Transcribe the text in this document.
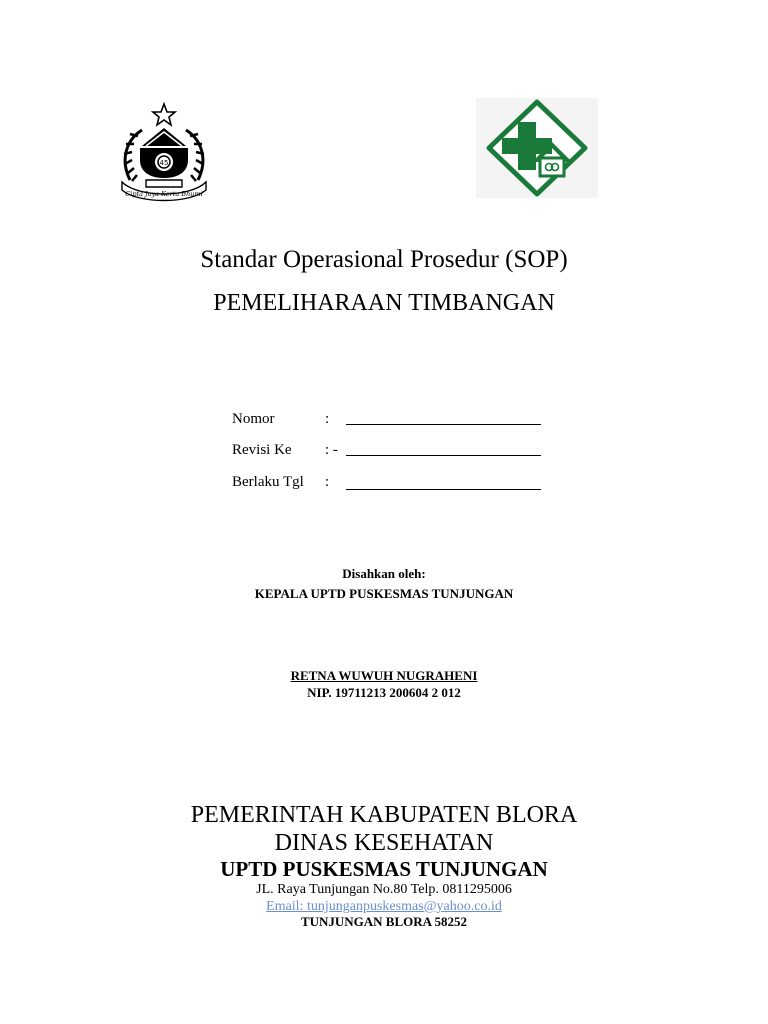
45
Cipta Jaya Kerta Bhumi
Standar Operasional Prosedur (SOP)
PEMELIHARAAN TIMBANGAN
Nomor	:
Revisi Ke : -
Berlaku Tgl :
Disahkan oleh:
KEPALA UPTD PUSKESMAS TUNJUNGAN
RETNA WUWUH NUGRAHENI
NIP. 19711213 200604 2 012
PEMERINTAH KABUPATEN BLORA
DINAS KESEHATAN
UPTD PUSKESMAS TUNJUNGAN
JL. Raya Tunjungan No.80 Telp. 0811295006
Email: tunjunganpuskesmas@yahoo.co.id
TUNJUNGAN BLORA 58252
